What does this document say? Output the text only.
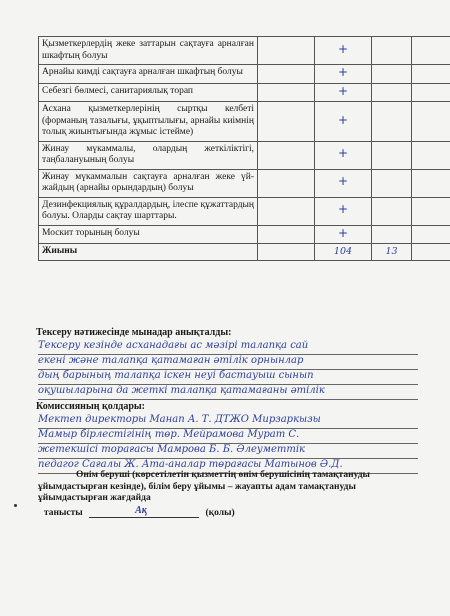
Қызметкерлердің жеке заттарын сақтауға арналған шкафтың болуы		+		
Арнайы кимді сақтауға арналған шкафтың болуы		+		
Себезгі бөлмесі, санитариялық торап		+		
Асхана қызметкерлерінің сыртқы келбеті (форманың тазалығы, ұқыптылығы, арнайы киімнің толық жиынтығында жұмыс істейме)		+		
Жинау мүкаммалы, олардың жеткіліктігі, таңбалануының болуы		+		
Жинау мүкаммалын сақтауға арналған жеке үй-жайдың (арнайы орындардың) болуы		+		
Дезинфекциялық құралдардың, ілеспе құжаттардың болуы. Оларды сақтау шарттары.		+		
Москит торының болуы		+		
Жиыны		104	13	
Тексеру нәтижесінде мынадар анықталды:
Тексеру кезінде асханадағы ас мәзірі талапқа сай
екені және талапқа қатамаған әтілік орнынлар
дың барының талапқа іскен неуі бастауыш сынып
оқушыларына да жеткі талапқа қатамағаны әтілік
Комиссияның қолдары:
Мектеп директоры Манап А. Т. ДТЖО Мирзаркызы
Мамыр бірлестігінің төр. Мейрамова Мурат С.
жетекшісі торағасы Мамрова Б. Б. Әлеуметтік
педагог Сағалы Ж. Ата-аналар төрағасы Матынов Ә.Д.
Өнім беруші (көрсетілетін қызметтің өнім берушісінің тамақтануды ұйымдастырған кезінде), білім беру ұйымы – жауапты адам тамақтануды ұйымдастырған жағдайда
танысты	Ақ	(қолы)
